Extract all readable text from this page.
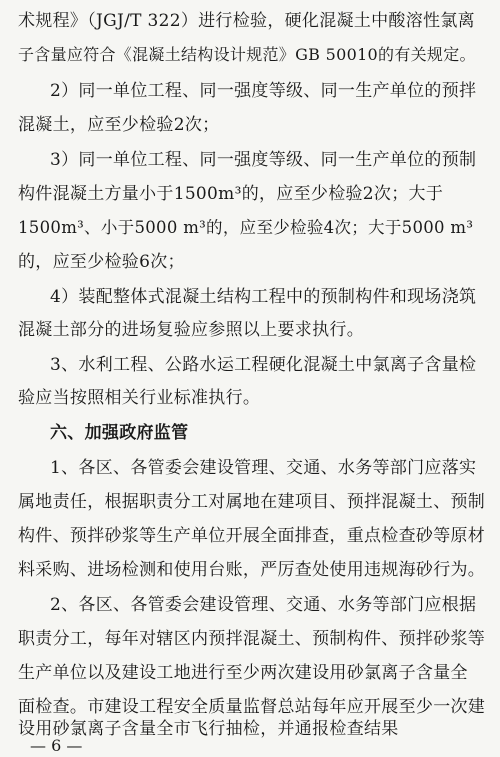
术规程》（JGJ/T 322）进行检验，硬化混凝土中酸溶性氯离
子含量应符合《混凝土结构设计规范》GB 50010的有关规定。
2）同一单位工程、同一强度等级、同一生产单位的预拌
混凝土，应至少检验2次；
3）同一单位工程、同一强度等级、同一生产单位的预制
构件混凝土方量小于1500m³的，应至少检验2次；大于
1500m³、小于5000 m³的，应至少检验4次；大于5000 m³
的，应至少检验6次；
4）装配整体式混凝土结构工程中的预制构件和现场浇筑
混凝土部分的进场复验应参照以上要求执行。
3、水利工程、公路水运工程硬化混凝土中氯离子含量检
验应当按照相关行业标准执行。
六、加强政府监管
1、各区、各管委会建设管理、交通、水务等部门应落实
属地责任，根据职责分工对属地在建项目、预拌混凝土、预制
构件、预拌砂浆等生产单位开展全面排查，重点检查砂等原材
料采购、进场检测和使用台账，严厉查处使用违规海砂行为。
2、各区、各管委会建设管理、交通、水务等部门应根据
职责分工，每年对辖区内预拌混凝土、预制构件、预拌砂浆等
生产单位以及建设工地进行至少两次建设用砂氯离子含量全
面检查。市建设工程安全质量监督总站每年应开展至少一次建
设用砂氯离子含量全市飞行抽检，并通报检查结果
— 6 —
